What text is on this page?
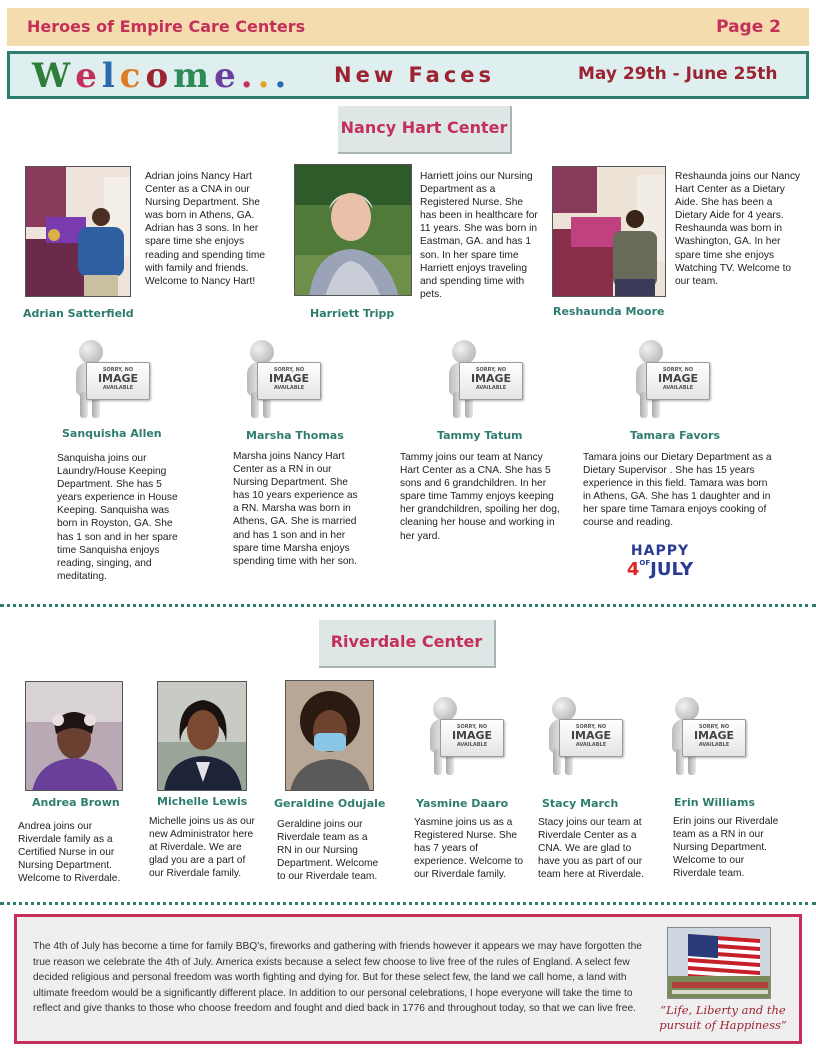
Heroes of Empire Care Centers	Page 2
Welcome... New Faces	May 29th - June 25th
Nancy Hart Center
Adrian Satterfield
Adrian joins Nancy Hart Center as a CNA in our Nursing Department. She was born in Athens, GA. Adrian has 3 sons. In her spare time she enjoys reading and spending time with family and friends. Welcome to Nancy Hart!
Harriett Tripp
Harriett joins our Nursing Department as a Registered Nurse. She has been in healthcare for 11 years. She was born in Eastman, GA. and has 1 son. In her spare time Harriett enjoys traveling and spending time with pets.
Reshaunda Moore
Reshaunda joins our Nancy Hart Center as a Dietary Aide. She has been a Dietary Aide for 4 years. Reshaunda was born in Washington, GA. In her spare time she enjoys Watching TV. Welcome to our team.
SORRY, NO
IMAGE
AVAILABLE
Sanquisha Allen
Sanquisha joins our Laundry/House Keeping Department. She has 5 years experience in House Keeping. Sanquisha was born in Royston, GA. She has 1 son and in her spare time Sanquisha enjoys reading, singing, and meditating.
SORRY, NO
IMAGE
AVAILABLE
Marsha Thomas
Marsha joins Nancy Hart Center as a RN in our Nursing Department. She has 10 years experience as a RN. Marsha was born in Athens, GA. She is married and has 1 son and in her spare time Marsha enjoys spending time with her son.
SORRY, NO
IMAGE
AVAILABLE
Tammy Tatum
Tammy joins our team at Nancy Hart Center as a CNA. She has 5 sons and 6 grandchildren. In her spare time Tammy enjoys keeping her grandchildren, spoiling her dog, cleaning her house and working in her yard.
SORRY, NO
IMAGE
AVAILABLE
Tamara Favors
Tamara joins our Dietary Department as a Dietary Supervisor . She has 15 years experience in this field. Tamara was born in Athens, GA. She has 1 daughter and in her spare time Tamara enjoys cooking of course and reading.
HAPPY
$4^{OF}JULY$
Riverdale Center
Andrea Brown
Andrea joins our Riverdale family as a Certified Nurse in our Nursing Department. Welcome to Riverdale.
Michelle Lewis
Michelle joins us as our new Administrator here at Riverdale. We are glad you are a part of our Riverdale family.
Geraldine Odujale
Geraldine joins our Riverdale team as a RN in our Nursing Department. Welcome to our Riverdale team.
SORRY, NO
IMAGE
AVAILABLE
Yasmine Daaro
Yasmine joins us as a Registered Nurse. She has 7 years of experience. Welcome to our Riverdale family.
SORRY, NO
IMAGE
AVAILABLE
Stacy March
Stacy joins our team at Riverdale Center as a CNA. We are glad to have you as part of our team here at Riverdale.
SORRY, NO
IMAGE
AVAILABLE
Erin Williams
Erin joins our Riverdale team as a RN in our Nursing Department. Welcome to our Riverdale team.
The 4th of July has become a time for family BBQ's, fireworks and gathering with friends however it appears we may have forgotten the true reason we celebrate the 4th of July. America exists because a select few choose to live free of the rules of England. A select few decided religious and personal freedom was worth fighting and dying for. But for these select few, the land we call home, a land with ultimate freedom would be a significantly different place. In addition to our personal celebrations, I hope everyone will take the time to reflect and give thanks to those who choose freedom and fought and died back in 1776 and throughout today, so that we can live free.	“Life, Liberty and the pursuit of Happiness”
